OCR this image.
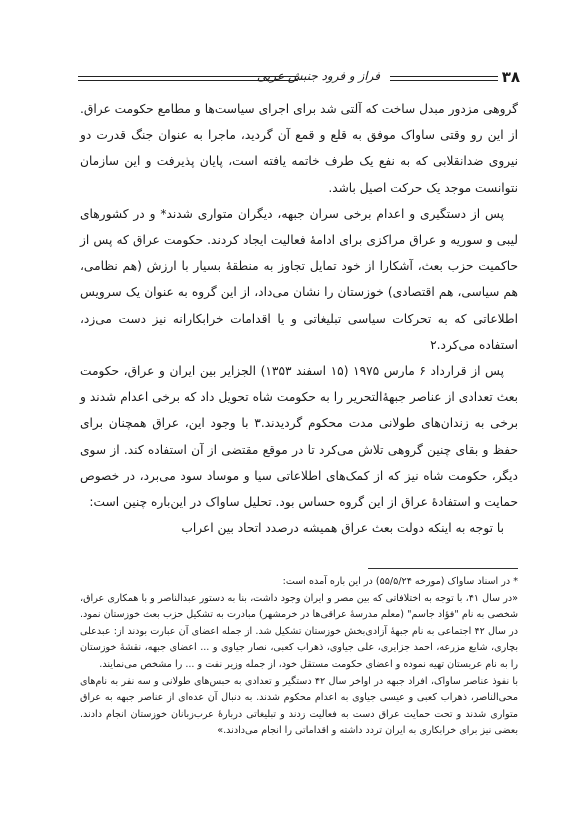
۳۸
فراز و فرود جنبش عربی

گروهی مزدور مبدل ساخت که آلتی شد برای اجرای سیاست‌ها و مطامع حکومت عراق. از این رو وقتی ساواک موفق به قلع و قمع آن گردید، ماجرا به عنوان جنگ قدرت دو نیروی ضدانقلابی که به نفع یک طرف خاتمه یافته است، پایان پذیرفت و این سازمان نتوانست موجد یک حرکت اصیل باشد.

پس از دستگیری و اعدام برخی سران جبهه، دیگران متواری شدند* و در کشورهای لیبی و سوریه و عراق مراکزی برای ادامهٔ فعالیت ایجاد کردند. حکومت عراق که پس از حاکمیت حزب بعث، آشکارا از خود تمایل تجاوز به منطقهٔ بسیار با ارزش (هم نظامی، هم سیاسی، هم اقتصادی) خوزستان را نشان می‌داد، از این گروه به عنوان یک سرویس اطلاعاتی که به تحرکات سیاسی تبلیغاتی و یا اقدامات خرابکارانه نیز دست می‌زد، استفاده می‌کرد.۲

پس از قرارداد ۶ مارس ۱۹۷۵ (۱۵ اسفند ۱۳۵۳) الجزایر بین ایران و عراق، حکومت بعث تعدادی از عناصر جبههٔ‌التحریر را به حکومت شاه تحویل داد که برخی اعدام شدند و برخی به زندان‌های طولانی مدت محکوم گردیدند.۳ با وجود این، عراق همچنان برای حفظ و بقای چنین گروهی تلاش می‌کرد تا در موقع مقتضی از آن استفاده کند. از سوی دیگر، حکومت شاه نیز که از کمک‌های اطلاعاتی سیا و موساد سود می‌برد، در خصوص حمایت و استفادهٔ عراق از این گروه حساس بود. تحلیل ساواک در این‌باره چنین است:

با توجه به اینکه دولت بعث عراق همیشه درصدد اتحاد بین اعراب

* در اسناد ساواک (مورخه ۵۵/۵/۲۴) در این باره آمده است:

«در سال ۴۱، با توجه به اختلافاتی که بین مصر و ایران وجود داشت، بنا به دستور عبدالناصر و با همکاری عراق، شخصی به نام "فؤاد جاسم" (معلم مدرسهٔ عراقی‌ها در خرمشهر) مبادرت به تشکیل حزب بعث خوزستان نمود. در سال ۴۲ اجتماعی به نام جبههٔ آزادی‌بخش خوزستان تشکیل شد. از جمله اعضای آن عبارت بودند از: عبدعلی بچاری، شایع مزرعه، احمد جزایری، علی جیاوی، ذهراب کعبی، نصار جیاوی و ... اعضای جبهه، نقشهٔ خوزستان را به نام عربستان تهیه نموده و اعضای حکومت مستقل خود، از جمله وزیر نفت و ... را مشخص می‌نمایند.

با نفوذ عناصر ساواک، افراد جبهه در اواخر سال ۴۲ دستگیر و تعدادی به حبس‌های طولانی و سه نفر به نام‌های محی‌الناصر، ذهراب کعبی و عیسی جیاوی به اعدام محکوم شدند. به دنبال آن عده‌ای از عناصر جبهه به عراق متواری شدند و تحت حمایت عراق دست به فعالیت زدند و تبلیغاتی دربارهٔ عرب‌زبانان خوزستان انجام دادند. بعضی نیز برای خرابکاری به ایران تردد داشته و اقداماتی را انجام می‌دادند.»
